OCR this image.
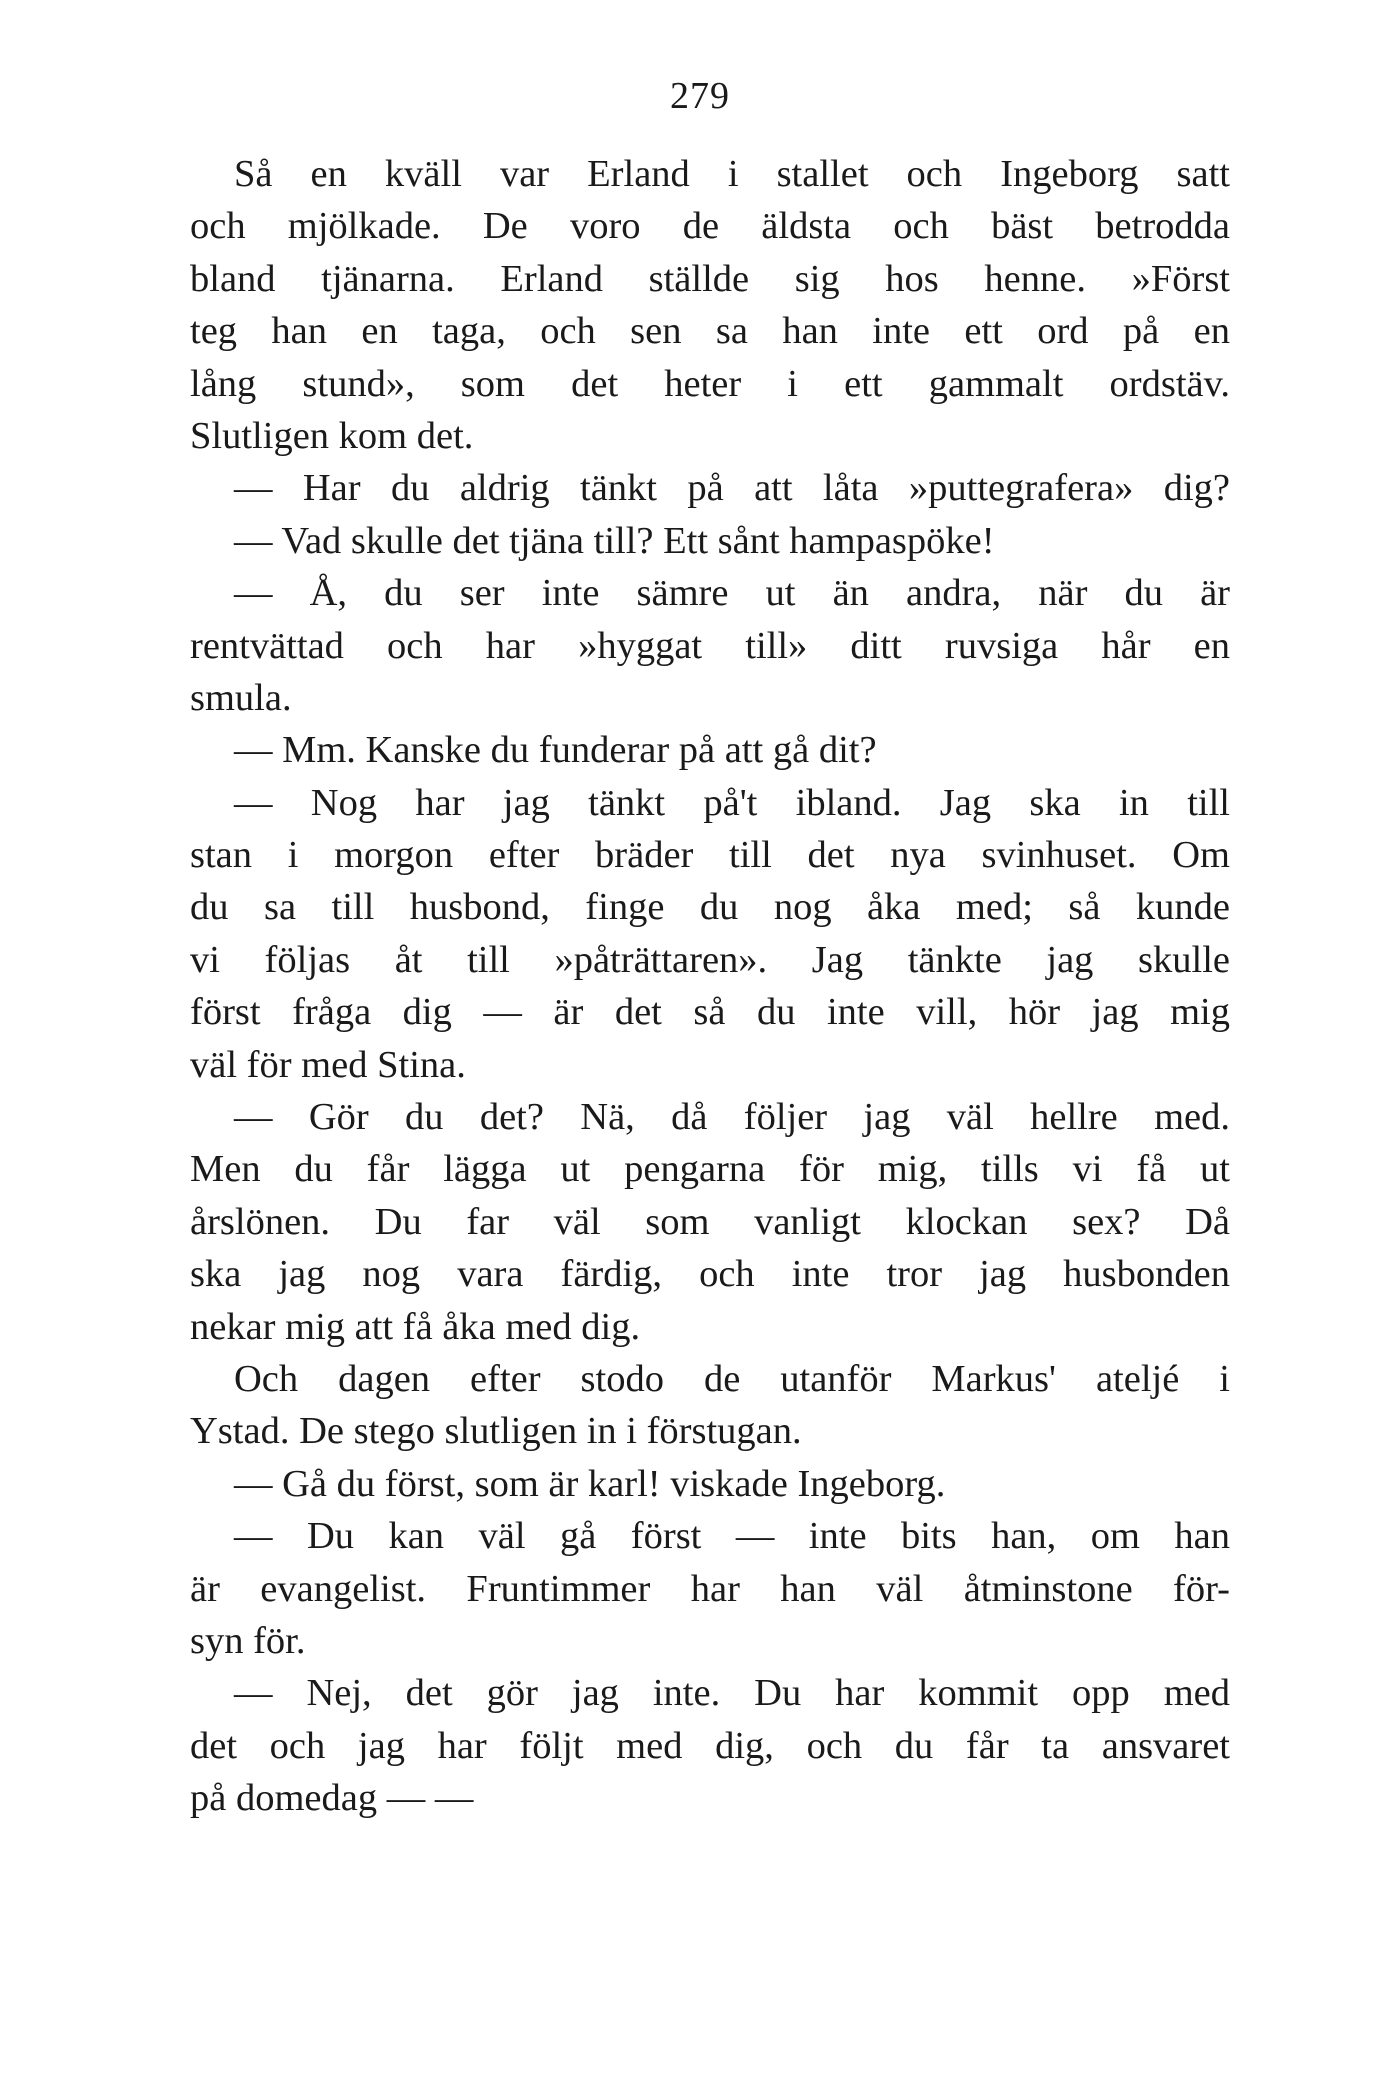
279
Så en kväll var Erland i stallet och Ingeborg satt
och mjölkade. De voro de äldsta och bäst betrodda
bland tjänarna. Erland ställde sig hos henne. »Först
teg han en taga, och sen sa han inte ett ord på en
lång stund», som det heter i ett gammalt ordstäv.
Slutligen kom det.
— Har du aldrig tänkt på att låta »puttegrafera» dig?
— Vad skulle det tjäna till? Ett sånt hampaspöke!
— Å, du ser inte sämre ut än andra, när du är
rentvättad och har »hyggat till» ditt ruvsiga hår en
smula.
— Mm. Kanske du funderar på att gå dit?
— Nog har jag tänkt på't ibland. Jag ska in till
stan i morgon efter bräder till det nya svinhuset. Om
du sa till husbond, finge du nog åka med; så kunde
vi följas åt till »påträttaren». Jag tänkte jag skulle
först fråga dig — är det så du inte vill, hör jag mig
väl för med Stina.
— Gör du det? Nä, då följer jag väl hellre med.
Men du får lägga ut pengarna för mig, tills vi få ut
årslönen. Du far väl som vanligt klockan sex? Då
ska jag nog vara färdig, och inte tror jag husbonden
nekar mig att få åka med dig.
Och dagen efter stodo de utanför Markus' ateljé i
Ystad. De stego slutligen in i förstugan.
— Gå du först, som är karl! viskade Ingeborg.
— Du kan väl gå först — inte bits han, om han
är evangelist. Fruntimmer har han väl åtminstone för-
syn för.
— Nej, det gör jag inte. Du har kommit opp med
det och jag har följt med dig, och du får ta ansvaret
på domedag — —
